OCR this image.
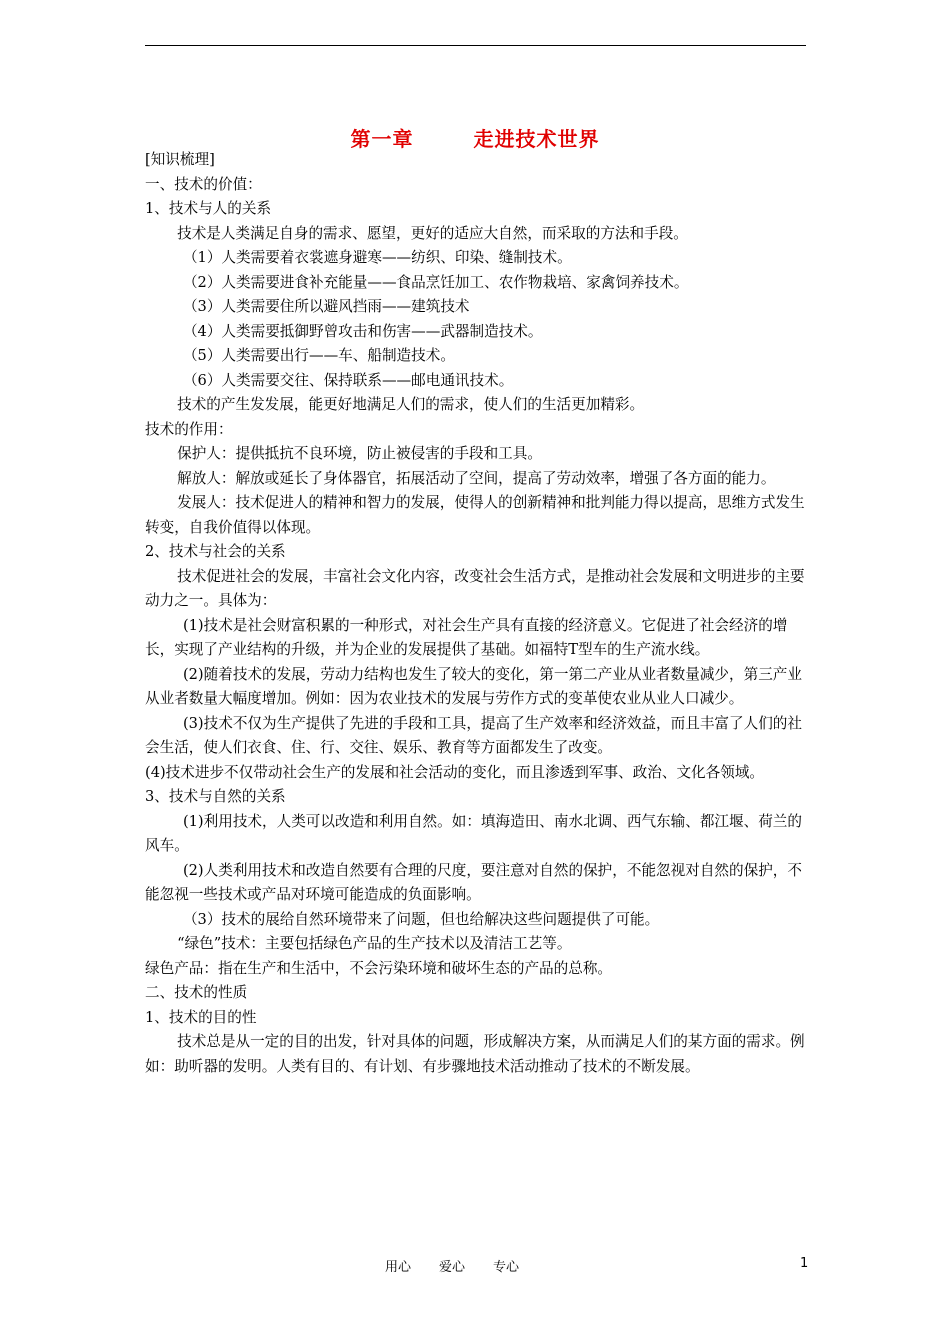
第一章	走进技术世界

[知识梳理]

一、技术的价值：

1、技术与人的关系

技术是人类满足自身的需求、愿望，更好的适应大自然，而采取的方法和手段。

（1）人类需要着衣裳遮身避寒——纺织、印染、缝制技术。

（2）人类需要进食补充能量——食品烹饪加工、农作物栽培、家禽饲养技术。

（3）人类需要住所以避风挡雨——建筑技术

（4）人类需要抵御野曾攻击和伤害——武器制造技术。

（5）人类需要出行——车、船制造技术。

（6）人类需要交往、保持联系——邮电通讯技术。

技术的产生发发展，能更好地满足人们的需求，使人们的生活更加精彩。

技术的作用：

保护人：提供抵抗不良环境，防止被侵害的手段和工具。

解放人：解放或延长了身体器官，拓展活动了空间，提高了劳动效率，增强了各方面的能力。

发展人：技术促进人的精神和智力的发展，使得人的创新精神和批判能力得以提高，思维方式发生转变，自我价值得以体现。

2、技术与社会的关系

技术促进社会的发展，丰富社会文化内容，改变社会生活方式，是推动社会发展和文明进步的主要动力之一。具体为：

(1)技术是社会财富积累的一种形式，对社会生产具有直接的经济意义。它促进了社会经济的增长，实现了产业结构的升级，并为企业的发展提供了基础。如福特T型车的生产流水线。

(2)随着技术的发展，劳动力结构也发生了较大的变化，第一第二产业从业者数量减少，第三产业从业者数量大幅度增加。例如：因为农业技术的发展与劳作方式的变革使农业从业人口减少。

(3)技术不仅为生产提供了先进的手段和工具，提高了生产效率和经济效益，而且丰富了人们的社会生活，使人们衣食、住、行、交往、娱乐、教育等方面都发生了改变。

(4)技术进步不仅带动社会生产的发展和社会活动的变化，而且渗透到军事、政治、文化各领域。

3、技术与自然的关系

(1)利用技术，人类可以改造和利用自然。如：填海造田、南水北调、西气东输、都江堰、荷兰的风车。

(2)人类利用技术和改造自然要有合理的尺度，要注意对自然的保护，不能忽视对自然的保护，不能忽视一些技术或产品对环境可能造成的负面影响。

（3）技术的展给自然环境带来了问题，但也给解决这些问题提供了可能。

“绿色”技术：主要包括绿色产品的生产技术以及清洁工艺等。

绿色产品：指在生产和生活中，不会污染环境和破坏生态的产品的总称。

二、技术的性质

1、技术的目的性

技术总是从一定的目的出发，针对具体的问题，形成解决方案，从而满足人们的某方面的需求。例如：助听器的发明。人类有目的、有计划、有步骤地技术活动推动了技术的不断发展。

用心 爱心 专心	1
